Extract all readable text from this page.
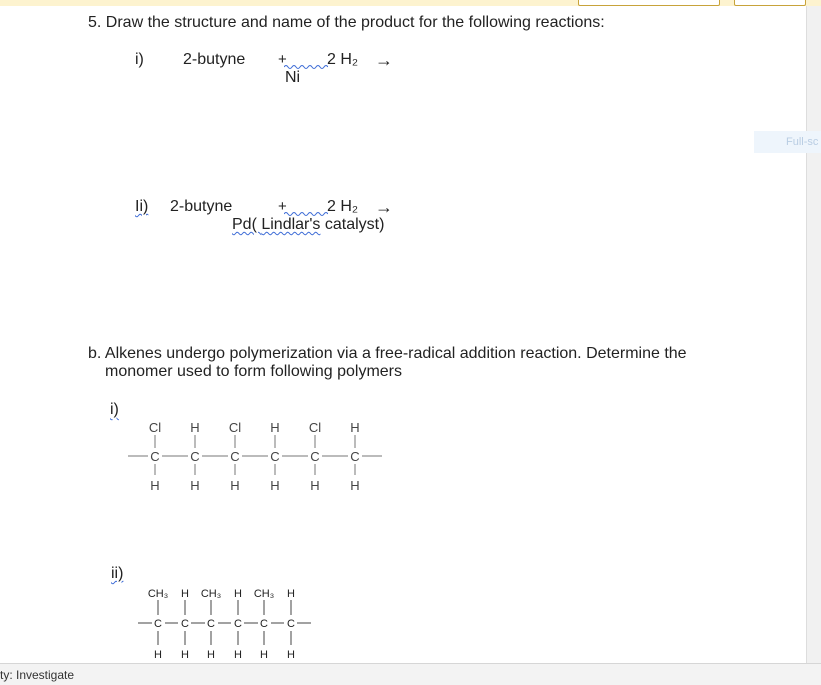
Full-sc
5. Draw the structure and name of the product for the following reactions:
i) 2-butyne +	2 H₂ →
Ni
Ii) 2-butyne	+	2 H₂ →
Pd( Lindlar's catalyst)
b. Alkenes undergo polymerization via a free-radical addition reaction. Determine the
monomer used to form following polymers
i)
Cl H Cl H Cl H
C C C C C C
H H H H H H
ii)
CH₃ H CH₃ H CH₃ H
C C C C C C
H H H H H H
ty: Investigate
